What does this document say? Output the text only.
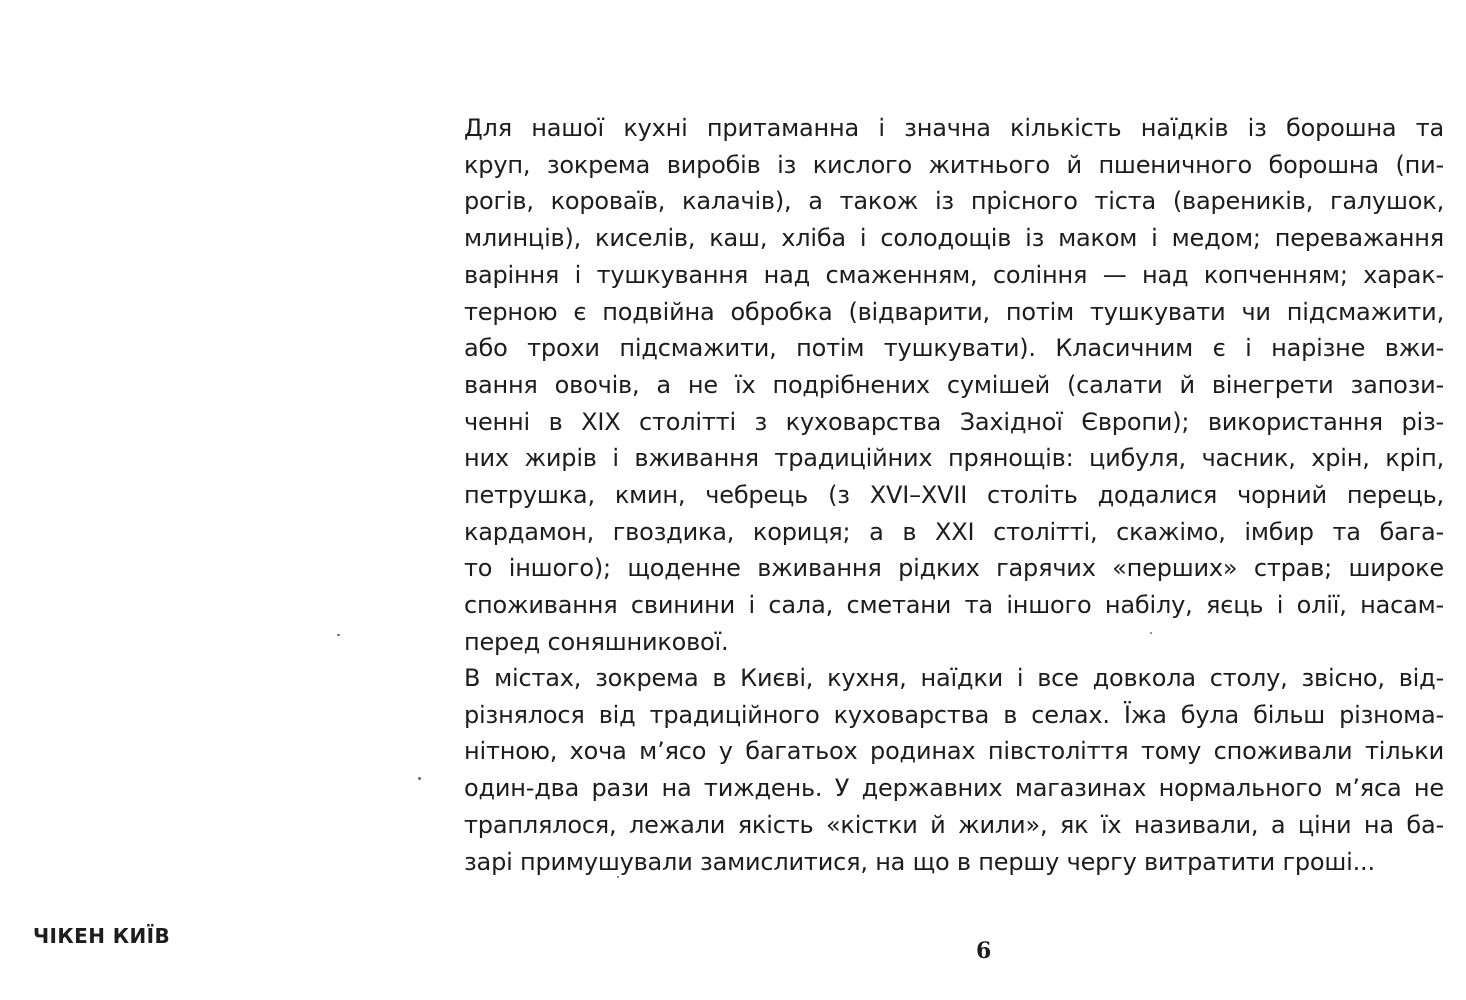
Для нашої кухні притаманна і значна кількість наїдків із борошна та
круп, зокрема виробів із кислого житнього й пшеничного борошна (пи-
рогів, короваїв, калачів), а також із прісного тіста (вареників, галушок,
млинців), киселів, каш, хліба і солодощів із маком і медом; переважання
варіння і тушкування над смаженням, соління — над копченням; харак-
терною є подвійна обробка (відварити, потім тушкувати чи підсмажити,
або трохи підсмажити, потім тушкувати). Класичним є і нарізне вжи-
вання овочів, а не їх подрібнених сумішей (салати й вінегрети запози-
ченні в XIX столітті з куховарства Західної Європи); використання різ-
них жирів і вживання традиційних прянощів: цибуля, часник, хрін, кріп,
петрушка, кмин, чебрець (з XVI–XVII століть додалися чорний перець,
кардамон, гвоздика, кориця; а в XXI столітті, скажімо, імбир та бага-
то іншого); щоденне вживання рідких гарячих «перших» страв; широке
споживання свинини і сала, сметани та іншого набілу, яєць і олії, насам-
перед соняшникової.
В містах, зокрема в Києві, кухня, наїдки і все довкола столу, звісно, від-
різнялося від традиційного куховарства в селах. Їжа була більш різнома-
нітною, хоча м’ясо у багатьох родинах півстоліття тому споживали тільки
один-два рази на тиждень. У державних магазинах нормального м’яса не
траплялося, лежали якість «кістки й жили», як їх називали, а ціни на ба-
зарі примушували замислитися, на що в першу чергу витратити гроші...
ЧІКЕН КИЇВ
6
